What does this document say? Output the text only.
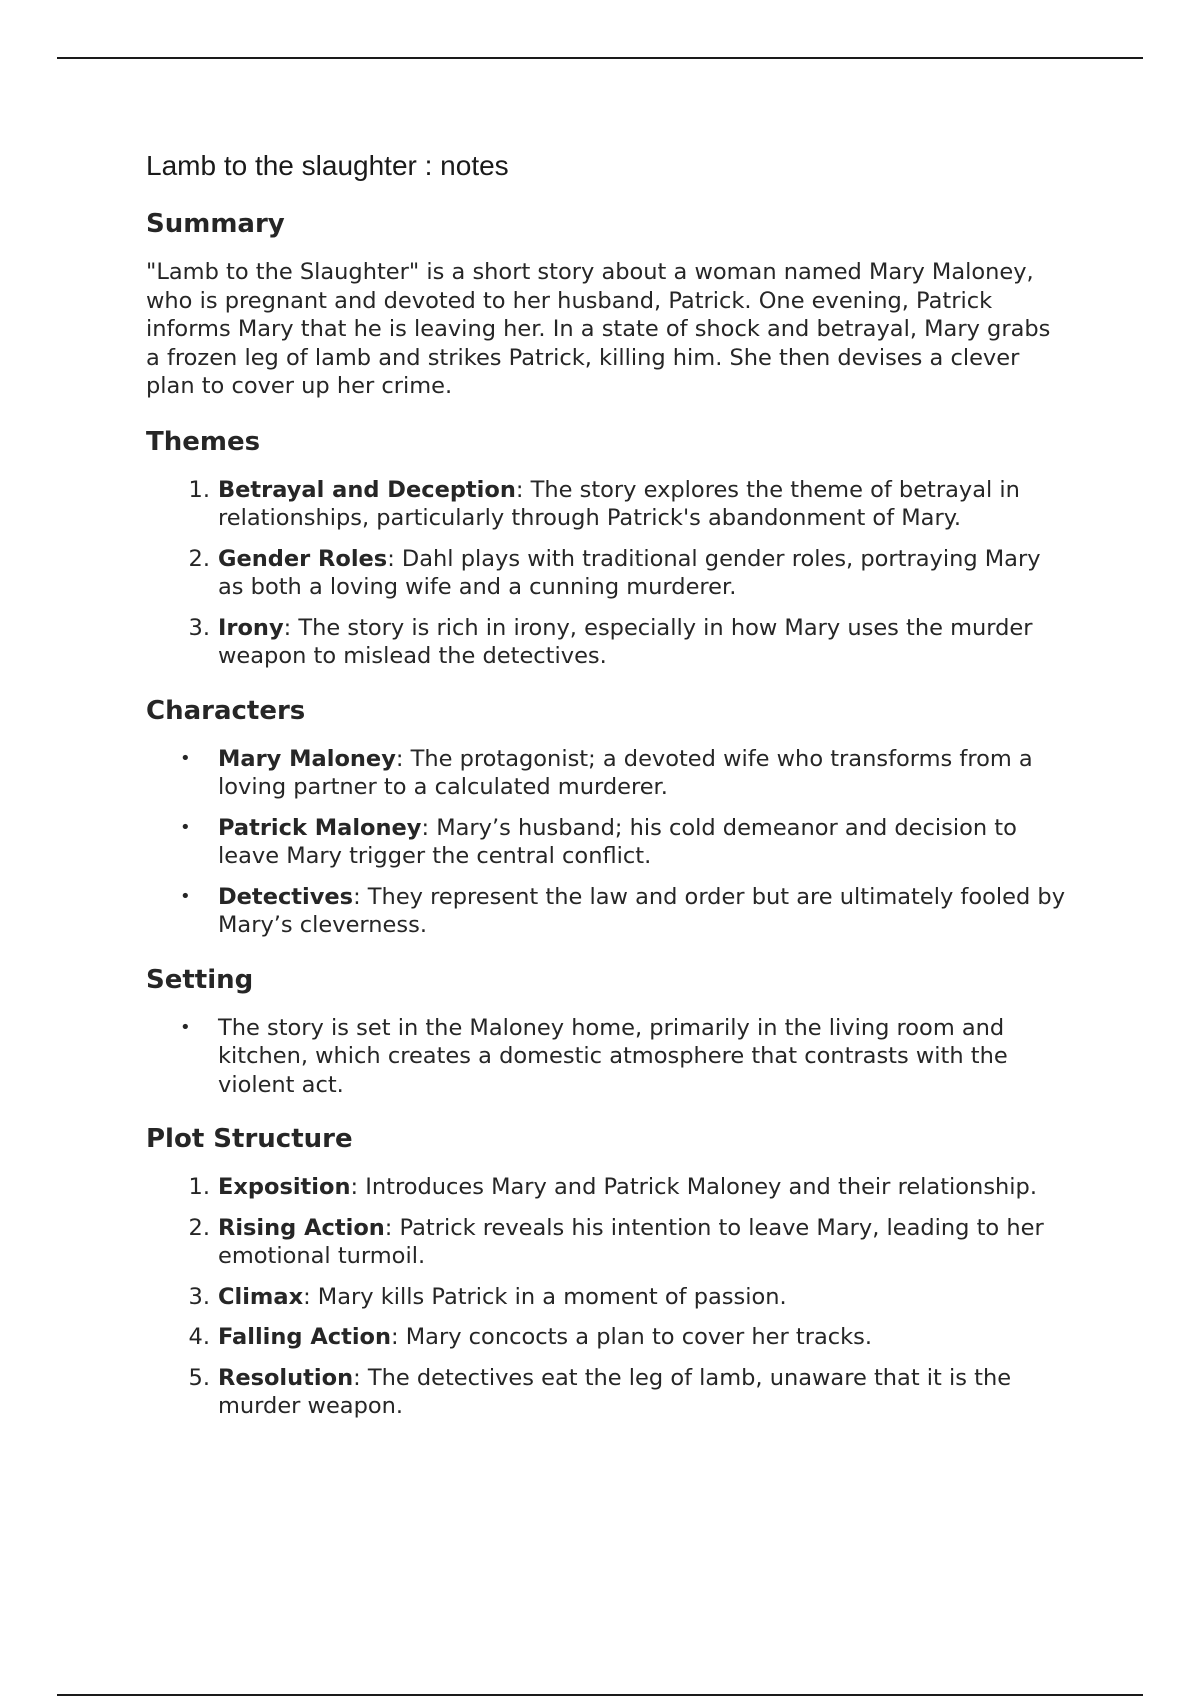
Lamb to the slaughter : notes
Summary

"Lamb to the Slaughter" is a short story about a woman named Mary Maloney, who is pregnant and devoted to her husband, Patrick. One evening, Patrick informs Mary that he is leaving her. In a state of shock and betrayal, Mary grabs a frozen leg of lamb and strikes Patrick, killing him. She then devises a clever plan to cover up her crime.

Themes
1. Betrayal and Deception: The story explores the theme of betrayal in relationships, particularly through Patrick's abandonment of Mary.
2. Gender Roles: Dahl plays with traditional gender roles, portraying Mary as both a loving wife and a cunning murderer.
3. Irony: The story is rich in irony, especially in how Mary uses the murder weapon to mislead the detectives.
Characters
• Mary Maloney: The protagonist; a devoted wife who transforms from a loving partner to a calculated murderer.
• Patrick Maloney: Mary’s husband; his cold demeanor and decision to leave Mary trigger the central conflict.
• Detectives: They represent the law and order but are ultimately fooled by Mary’s cleverness.
Setting
• The story is set in the Maloney home, primarily in the living room and kitchen, which creates a domestic atmosphere that contrasts with the violent act.
Plot Structure
1. Exposition: Introduces Mary and Patrick Maloney and their relationship.
2. Rising Action: Patrick reveals his intention to leave Mary, leading to her emotional turmoil.
3. Climax: Mary kills Patrick in a moment of passion.
4. Falling Action: Mary concocts a plan to cover her tracks.
5. Resolution: The detectives eat the leg of lamb, unaware that it is the murder weapon.
